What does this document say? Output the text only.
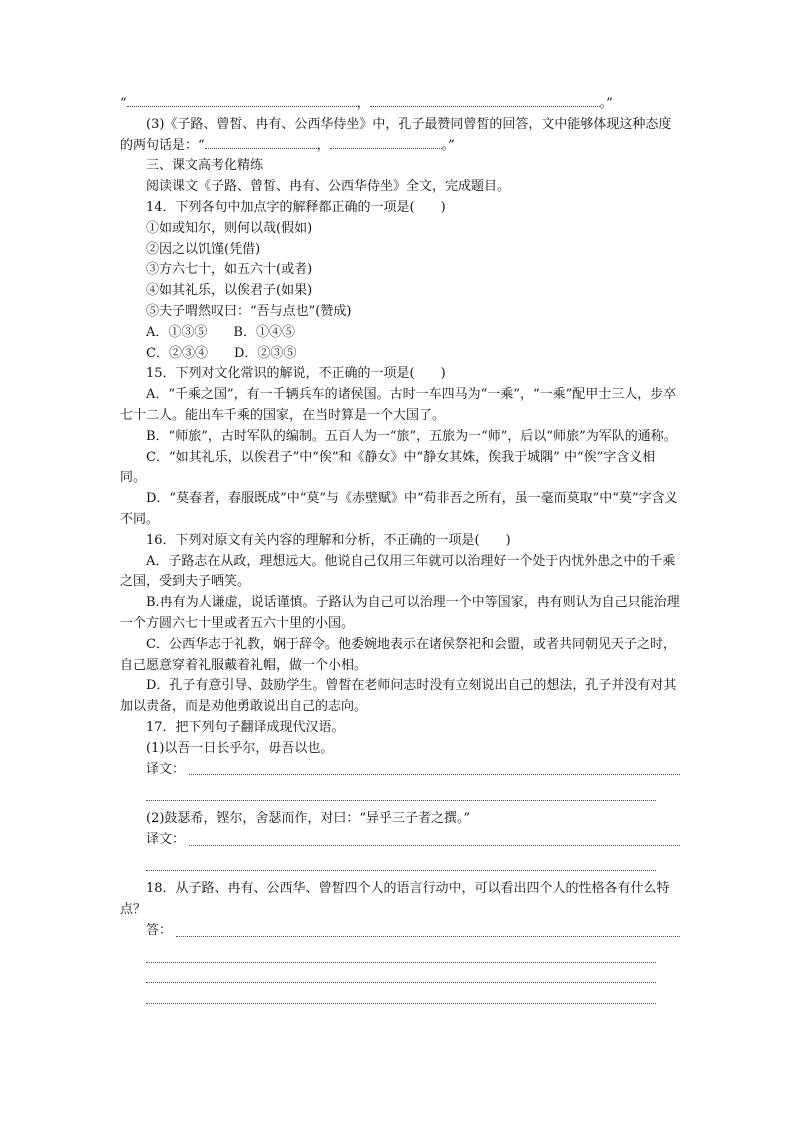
“	，	。”
(3)《子路、曾皙、冉有、公西华侍坐》中，孔子最赞同曾皙的回答，文中能够体现这种态度的两句话是：“	，	。”
三、课文高考化精练
阅读课文《子路、曾皙、冉有、公西华侍坐》全文，完成题目。
14．下列各句中加点字的解释都正确的一项是(　　)
①如或知尔，则何以哉(假如)
②因之以饥馑(凭借)
③方六七十，如五六十(或者)
④如其礼乐，以俟君子(如果)
⑤夫子喟然叹曰：“吾与点也”(赞成)
A．①③⑤　　B．①④⑤
C．②③④　　D．②③⑤
15．下列对文化常识的解说，不正确的一项是(　　)
A．“千乘之国”，有一千辆兵车的诸侯国。古时一车四马为“一乘”，“一乘”配甲士三人，步卒七十二人。能出车千乘的国家，在当时算是一个大国了。
B．“师旅”，古时军队的编制。五百人为一“旅”，五旅为一“师”，后以“师旅”为军队的通称。
C．“如其礼乐，以俟君子”中“俟”和《静女》中“静女其姝，俟我于城隅” 中“俟”字含义相同。
D．“莫春者，春服既成”中“莫”与《赤壁赋》中“苟非吾之所有，虽一毫而莫取”中“莫”字含义不同。
16．下列对原文有关内容的理解和分析，不正确的一项是(　　)
A．子路志在从政，理想远大。他说自己仅用三年就可以治理好一个处于内忧外患之中的千乘之国，受到夫子哂笑。
B.冉有为人谦虚，说话谨慎。子路认为自己可以治理一个中等国家，冉有则认为自己只能治理一个方圆六七十里或者五六十里的小国。
C．公西华志于礼教，娴于辞令。他委婉地表示在诸侯祭祀和会盟，或者共同朝见天子之时，自己愿意穿着礼服戴着礼帽，做一个小相。
D．孔子有意引导、鼓励学生。曾皙在老师问志时没有立刻说出自己的想法，孔子并没有对其加以责备，而是劝他勇敢说出自己的志向。
17．把下列句子翻译成现代汉语。
(1)以吾一日长乎尔，毋吾以也。
译文：
(2)鼓瑟希，铿尔，舍瑟而作，对曰：“异乎三子者之撰。”
译文：
18．从子路、冉有、公西华、曾皙四个人的语言行动中，可以看出四个人的性格各有什么特点？
答：
